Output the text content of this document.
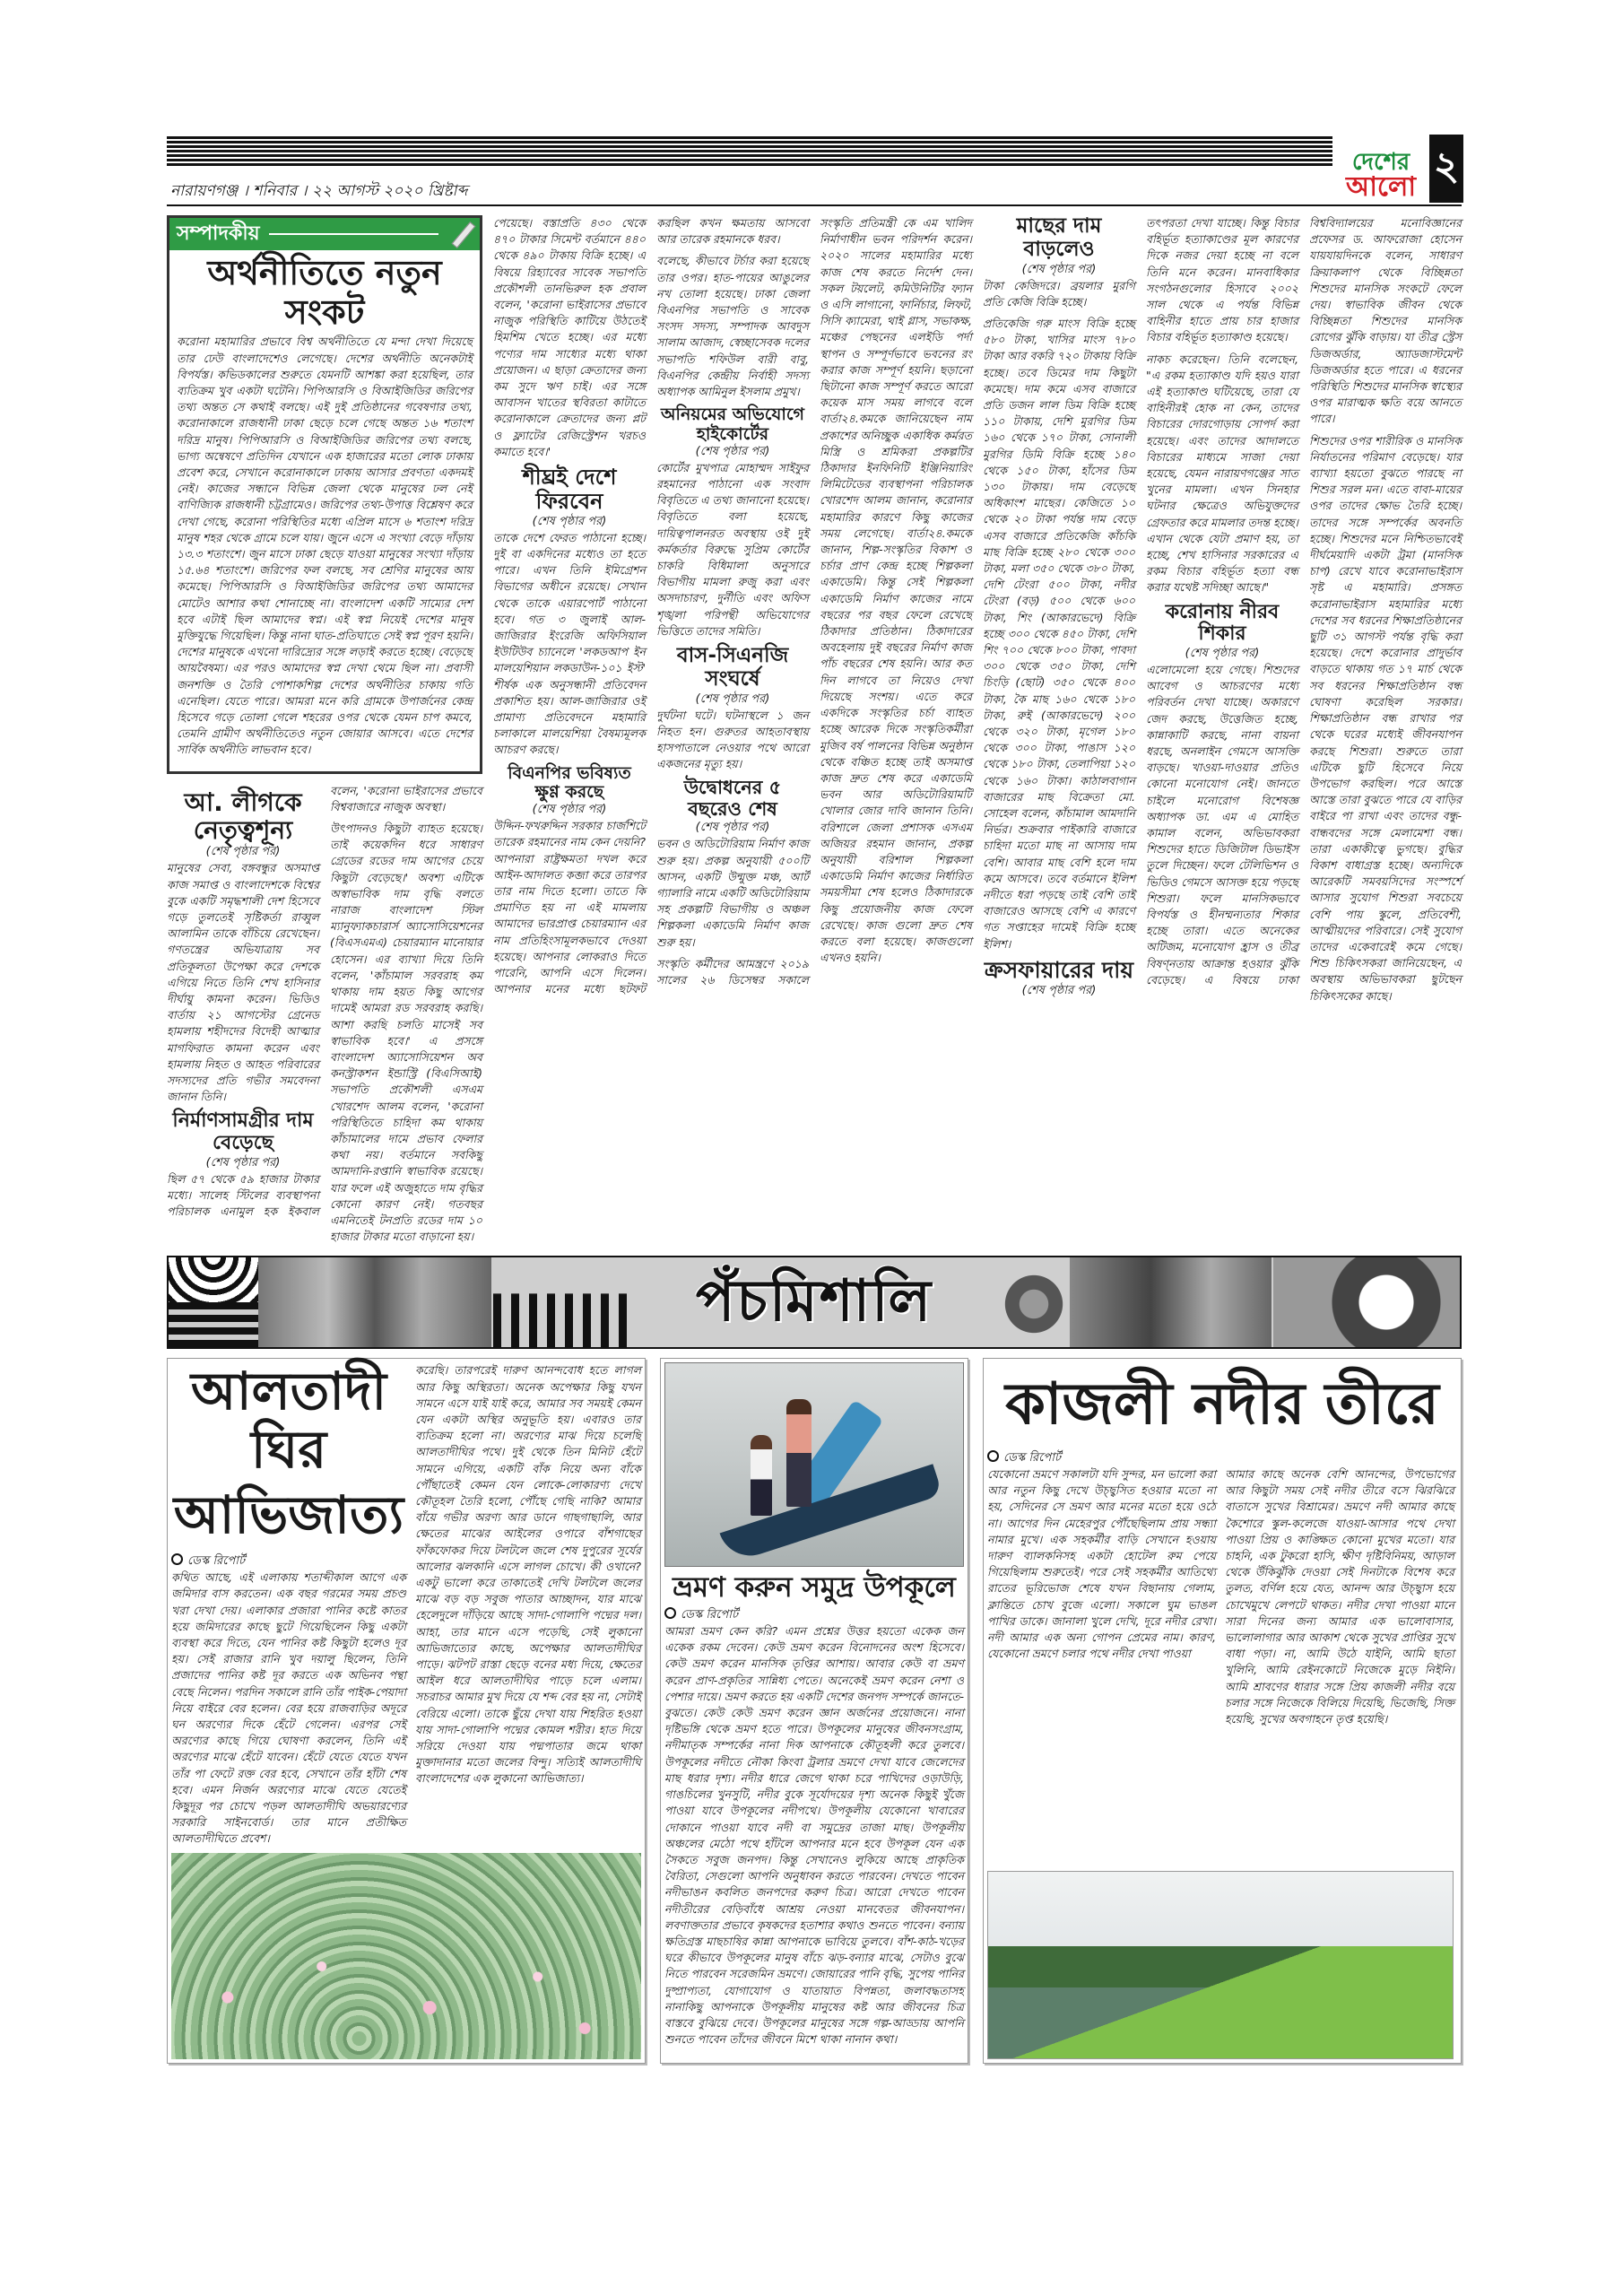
নারায়ণগঞ্জ । শনিবার । ২২ আগস্ট ২০২০ খ্রিষ্টাব্দ
দেশের
আলো ২
সম্পাদকীয়
অর্থনীতিতে নতুন সংকট

করোনা মহামারির প্রভাবে বিশ্ব অর্থনীতিতে যে মন্দা দেখা দিয়েছে তার ঢেউ বাংলাদেশেও লেগেছে। দেশের অর্থনীতি অনেকটাই বিপর্যস্ত। কভিডকালের শুরুতে যেমনটি আশঙ্কা করা হয়েছিল, তার ব্যতিক্রম খুব একটা ঘটেনি। পিপিআরসি ও বিআইজিডির জরিপের তথ্য অন্তত সে কথাই বলছে। এই দুই প্রতিষ্ঠানের গবেষণার তথ্য, করোনাকালে রাজধানী ঢাকা ছেড়ে চলে গেছে অন্তত ১৬ শতাংশ দরিদ্র মানুষ। পিপিআরসি ও বিআইজিডির জরিপের তথ্য বলছে, ভাগ্য অন্বেষণে প্রতিদিন যেখানে এক হাজারের মতো লোক ঢাকায় প্রবেশ করে, সেখানে করোনাকালে ঢাকায় আসার প্রবণতা একদমই নেই। কাজের সন্ধানে বিভিন্ন জেলা থেকে মানুষের ঢল নেই বাণিজ্যিক রাজধানী চট্টগ্রামেও। জরিপের তথ্য-উপাত্ত বিশ্লেষণ করে দেখা গেছে, করোনা পরিস্থিতির মধ্যে এপ্রিল মাসে ৬ শতাংশ দরিদ্র মানুষ শহর থেকে গ্রামে চলে যায়। জুনে এসে এ সংখ্যা বেড়ে দাঁড়ায় ১৩.৩ শতাংশে। জুন মাসে ঢাকা ছেড়ে যাওয়া মানুষের সংখ্যা দাঁড়ায় ১৫.৬৪ শতাংশে। জরিপের ফল বলছে, সব শ্রেণির মানুষের আয় কমেছে। পিপিআরসি ও বিআইজিডির জরিপের তথ্য আমাদের মোটেও আশার কথা শোনাচ্ছে না। বাংলাদেশ একটি সাম্যের দেশ হবে এটাই ছিল আমাদের স্বপ্ন। এই স্বপ্ন নিয়েই দেশের মানুষ মুক্তিযুদ্ধে গিয়েছিল। কিন্তু নানা ঘাত-প্রতিঘাতে সেই স্বপ্ন পূরণ হয়নি। দেশের মানুষকে এখনো দারিদ্র্যের সঙ্গে লড়াই করতে হচ্ছে। বেড়েছে আয়বৈষম্য। এর পরও আমাদের স্বপ্ন দেখা থেমে ছিল না। প্রবাসী জনশক্তি ও তৈরি পোশাকশিল্প দেশের অর্থনীতির চাকায় গতি এনেছিল। যেতে পারে। আমরা মনে করি গ্রামকে উপার্জনের কেন্দ্র হিসেবে গড়ে তোলা গেলে শহরের ওপর থেকে যেমন চাপ কমবে, তেমনি গ্রামীণ অর্থনীতিতেও নতুন জোয়ার আসবে। এতে দেশের সার্বিক অর্থনীতি লাভবান হবে।

আ. লীগকে নেতৃত্বশূন্য
(শেষ পৃষ্ঠার পর)

মানুষের সেবা, বঙ্গবন্ধুর অসমাপ্ত কাজ সমাপ্ত ও বাংলাদেশকে বিশ্বের বুকে একটি সমৃদ্ধশালী দেশ হিসেবে গড়ে তুলতেই সৃষ্টিকর্তা রাব্বুল আলামিন তাকে বাঁচিয়ে রেখেছেন। গণতন্ত্রের অভিযাত্রায় সব প্রতিকূলতা উপেক্ষা করে দেশকে এগিয়ে নিতে তিনি শেখ হাসিনার দীর্ঘায়ু কামনা করেন। ভিডিও বার্তায় ২১ আগস্টের গ্রেনেড হামলায় শহীদদের বিদেহী আত্মার মাগফিরাত কামনা করেন এবং হামলায় নিহত ও আহত পরিবারের সদস্যদের প্রতি গভীর সমবেদনা জানান তিনি।

নির্মাণসামগ্রীর দাম বেড়েছে
(শেষ পৃষ্ঠার পর)

ছিল ৫৭ থেকে ৫৯ হাজার টাকার মধ্যে। সালেহ স্টিলের ব্যবস্থাপনা পরিচালক এনামুল হক ইকবাল বলেন, 'করোনা ভাইরাসের প্রভাবে বিশ্ববাজারে নাজুক অবস্থা।

উৎপাদনও কিছুটা ব্যাহত হয়েছে। তাই কয়েকদিন ধরে সাধারণ গ্রেডের রডের দাম আগের চেয়ে কিছুটা বেড়েছে।' অবশ্য এটিকে অস্বাভাবিক দাম বৃদ্ধি বলতে নারাজ বাংলাদেশ স্টিল ম্যানুফ্যাকচারার্স অ্যাসোসিয়েশনের (বিএসএমএ) চেয়ারম্যান মানোয়ার হোসেন। এর ব্যাখ্যা দিয়ে তিনি বলেন, 'কাঁচামাল সরবরাহ কম থাকায় দাম হয়ত কিছু আগের দামেই আমরা রড সরবরাহ করছি। আশা করছি চলতি মাসেই সব স্বাভাবিক হবে।' এ প্রসঙ্গে বাংলাদেশ অ্যাসোসিয়েশন অব কনস্ট্রাকশন ইন্ডাস্ট্রি (বিএসিআই) সভাপতি প্রকৌশলী এসএম খোরশেদ আলম বলেন, 'করোনা পরিস্থিতিতে চাহিদা কম থাকায় কাঁচামালের দামে প্রভাব ফেলার কথা নয়। বর্তমানে সবকিছু আমদানি-রপ্তানি স্বাভাবিক রয়েছে। যার ফলে এই অজুহাতে দাম বৃদ্ধির কোনো কারণ নেই। গতবছর এমনিতেই টনপ্রতি রডের দাম ১০ হাজার টাকার মতো বাড়ানো হয়।

পেয়েছে। বস্তাপ্রতি ৪৩০ থেকে ৪৭০ টাকার সিমেন্ট বর্তমানে ৪৪০ থেকে ৪৯০ টাকায় বিক্রি হচ্ছে। এ বিষয়ে রিহ্যাবের সাবেক সভাপতি প্রকৌশলী তানভিরুল হক প্রবাল বলেন, 'করোনা ভাইরাসের প্রভাবে নাজুক পরিস্থিতি কাটিয়ে উঠতেই হিমশিম খেতে হচ্ছে। এর মধ্যে পণ্যের দাম সাধ্যের মধ্যে থাকা প্রয়োজন। এ ছাড়া ক্রেতাদের জন্য কম সুদে ঋণ চাই। এর সঙ্গে আবাসন খাতের স্থবিরতা কাটাতে করোনাকালে ক্রেতাদের জন্য প্লট ও ফ্ল্যাটের রেজিস্ট্রেশন খরচও কমাতে হবে।'

শীঘ্রই দেশে ফিরবেন
(শেষ পৃষ্ঠার পর)

তাকে দেশে ফেরত পাঠানো হচ্ছে। দুই বা একদিনের মধ্যেও তা হতে পারে। এখন তিনি ইমিগ্রেশন বিভাগের অধীনে রয়েছে। সেখান থেকে তাকে এয়ারপোর্ট পাঠানো হবে। গত ৩ জুলাই আল-জাজিরার ইংরেজি অফিসিয়াল ইউটিউব চ্যানেলে 'লকডআপ ইন মালয়েশিয়ান লকডাউন-১০১ ইস্ট' শীর্ষক এক অনুসন্ধানী প্রতিবেদন প্রকাশিত হয়। আল-জাজিরার ওই প্রামাণ্য প্রতিবেদনে মহামারি চলাকালে মালয়েশিয়া বৈষম্যমূলক আচরণ করছে।

বিএনপির ভবিষ্যত ক্ষুণ্ণ করছে
(শেষ পৃষ্ঠার পর)

উদ্দিন-ফখরুদ্দিন সরকার চার্জশিটে তারেক রহমানের নাম কেন দেয়নি? আপনারা রাষ্ট্রক্ষমতা দখল করে আইন-আদালত কব্জা করে তারপর তার নাম দিতে হলো। তাতে কি প্রমাণিত হয় না এই মামলায় আমাদের ভারপ্রাপ্ত চেয়ারম্যান এর নাম প্রতিহিংসামূলকভাবে দেওয়া হয়েছে। আপনার লোকরাও দিতে পারেনি, আপনি এসে দিলেন। আপনার মনের মধ্যে ছটফট করছিল কখন ক্ষমতায় আসবো আর তারেক রহমানকে ধরব।

বলেছে, কীভাবে টর্চার করা হয়েছে তার ওপর। হাত-পায়ের আঙুলের নখ তোলা হয়েছে। ঢাকা জেলা বিএনপির সভাপতি ও সাবেক সংসদ সদস্য, সম্পাদক আবদুস সালাম আজাদ, স্বেচ্ছাসেবক দলের সভাপতি শফিউল বারী বাবু, বিএনপির কেন্দ্রীয় নির্বাহী সদস্য অধ্যাপক আমিনুল ইসলাম প্রমুখ।

অনিয়মের অভিযোগে হাইকোর্টের
(শেষ পৃষ্ঠার পর)

কোর্টের মুখপাত্র মোহাম্মদ সাইফুর রহমানের পাঠানো এক সংবাদ বিবৃতিতে এ তথ্য জানানো হয়েছে। বিবৃতিতে বলা হয়েছে, দায়িত্বপালনরত অবস্থায় ওই দুই কর্মকর্তার বিরুদ্ধে সুপ্রিম কোর্টের চাকরি বিধিমালা অনুসারে বিভাগীয় মামলা রুজু করা এবং অসদাচারণ, দুর্নীতি এবং অফিস শৃঙ্খলা পরিপন্থী অভিযোগের ভিত্তিতে তাদের সমিতি।

বাস-সিএনজি সংঘর্ষে
(শেষ পৃষ্ঠার পর)

দুর্ঘটনা ঘটে। ঘটনাস্থলে ১ জন নিহত হন। গুরুতর আহতাবস্থায় হাসপাতালে নেওয়ার পথে আরো একজনের মৃত্যু হয়।

উদ্বোধনের ৫ বছরেও শেষ
(শেষ পৃষ্ঠার পর)

ভবন ও অডিটোরিয়াম নির্মাণ কাজ শুরু হয়। প্রকল্প অনুযায়ী ৫০০টি আসন, একটি উন্মুক্ত মঞ্চ, আর্ট গ্যালারি নামে একটি অডিটোরিয়াম সহ প্রকল্পটি বিভাগীয় ও অঞ্চল শিল্পকলা একাডেমি নির্মাণ কাজ শুরু হয়।

সংস্কৃতি কর্মীদের আমন্ত্রণে ২০১৯ সালের ২৬ ডিসেম্বর সকালে সংস্কৃতি প্রতিমন্ত্রী কে এম খালিদ নির্মাণাধীন ভবন পরিদর্শন করেন। ২০২০ সালের মহামারির মধ্যে কাজ শেষ করতে নির্দেশ দেন। সকল টয়লেট, কমিউনিটির ফ্যান ও এসি লাগানো, ফার্নিচার, লিফট, সিসি ক্যামেরা, থাই গ্লাস, সভাকক্ষ, মঞ্চের পেছনের এলইডি পর্দা স্থাপন ও সম্পূর্ণভাবে ভবনের রং করার কাজ সম্পূর্ণ হয়নি। ছড়ানো ছিটানো কাজ সম্পূর্ণ করতে আরো কয়েক মাস সময় লাগবে বলে বার্তা২৪.কমকে জানিয়েছেন নাম প্রকাশের অনিচ্ছুক একাধিক কর্মরত মিস্ত্রি ও শ্রমিকরা প্রকল্পটির ঠিকাদার ইনফিনিটি ইঞ্জিনিয়ারিং লিমিটেডের ব্যবস্থাপনা পরিচালক খোরশেদ আলম জানান, করোনার মহামারির কারণে কিছু কাজের সময় লেগেছে। বার্তা২৪.কমকে জানান, শিল্প-সংস্কৃতির বিকাশ ও চর্চার প্রাণ কেন্দ্র হচ্ছে শিল্পকলা একাডেমি। কিন্তু সেই শিল্পকলা একাডেমি নির্মাণ কাজের নামে বছরের পর বছর ফেলে রেখেছে ঠিকাদার প্রতিষ্ঠান। ঠিকাদারের অবহেলায় দুই বছরের নির্মাণ কাজ পাঁচ বছরের শেষ হয়নি। আর কত দিন লাগবে তা নিয়েও দেখা দিয়েছে সংশয়। এতে করে একদিকে সংস্কৃতির চর্চা ব্যাহত হচ্ছে আরেক দিকে সংস্কৃতিকর্মীরা মুজিব বর্ষ পালনের বিভিন্ন অনুষ্ঠান থেকে বঞ্চিত হচ্ছে তাই অসমাপ্ত কাজ দ্রুত শেষ করে একাডেমি ভবন আর অডিটোরিয়ামটি খোলার জোর দাবি জানান তিনি। বরিশালে জেলা প্রশাসক এসএম অজিয়র রহমান জানান, প্রকল্প অনুযায়ী বরিশাল শিল্পকলা একাডেমি নির্মাণ কাজের নির্ধারিত সময়সীমা শেষ হলেও ঠিকাদারকে কিছু প্রয়োজনীয় কাজ ফেলে রেখেছে। কাজ গুলো দ্রুত শেষ করতে বলা হয়েছে। কাজগুলো এখনও হয়নি।

মাছের দাম বাড়লেও
(শেষ পৃষ্ঠার পর)

টাকা কেজিদরে। ব্রয়লার মুরগি প্রতি কেজি বিক্রি হচ্ছে।

প্রতিকেজি গরু মাংস বিক্রি হচ্ছে ৫৮০ টাকা, খাসির মাংস ৭৮০ টাকা আর বকরি ৭২০ টাকায় বিক্রি হচ্ছে। তবে ডিমের দাম কিছুটা কমেছে। দাম কমে এসব বাজারে প্রতি ডজন লাল ডিম বিক্রি হচ্ছে ১১০ টাকায়, দেশি মুরগির ডিম ১৬০ থেকে ১৭০ টাকা, সোনালী মুরগির ডিমি বিক্রি হচ্ছে ১৪০ থেকে ১৫০ টাকা, হাঁসের ডিম ১৩০ টাকায়। দাম বেড়েছে অধিকাংশ মাছের। কেজিতে ১০ থেকে ২০ টাকা পর্যন্ত দাম বেড়ে এসব বাজারে প্রতিকেজি কাঁচকি মাছ বিক্রি হচ্ছে ২৮০ থেকে ৩০০ টাকা, মলা ৩৫০ থেকে ৩৮০ টাকা, দেশি টেংরা ৫০০ টাকা, নদীর টেংরা (বড়) ৫০০ থেকে ৬০০ টাকা, শিং (আকারভেদে) বিক্রি হচ্ছে ৩০০ থেকে ৪৫০ টাকা, দেশি শিং ৭০০ থেকে ৮০০ টাকা, পাবদা ৩০০ থেকে ৩৫০ টাকা, দেশি চিংড়ি (ছোট) ৩৫০ থেকে ৪০০ টাকা, কৈ মাছ ১৬০ থেকে ১৮০ টাকা, রুই (আকারভেদে) ২০০ থেকে ৩২০ টাকা, মৃগেল ১৮০ থেকে ৩০০ টাকা, পাঙাস ১২০ থেকে ১৮০ টাকা, তেলাপিয়া ১২০ থেকে ১৬০ টাকা। কাঠালবাগান বাজারের মাছ বিক্রেতা মো. সোহেল বলেন, কাঁচামাল আমদানি নির্ভর। শুক্রবার পাইকারি বাজারে চাহিদা মতো মাছ না আসায় দাম বেশি। আবার মাছ বেশি হলে দাম কমে আসবে। তবে বর্তমানে ইলিশ নদীতে ধরা পড়ছে তাই বেশি তাই বাজারেও আসছে বেশি এ কারণে গত সপ্তাহের দামেই বিক্রি হচ্ছে ইলিশ।

ক্রসফায়ারের দায়
(শেষ পৃষ্ঠার পর)

তৎপরতা দেখা যাচ্ছে। কিন্তু বিচার বহির্ভূত হত্যাকাণ্ডের মূল কারণের দিকে নজর দেয়া হচ্ছে না বলে তিনি মনে করেন। মানবাধিকার সংগঠনগুলোর হিসাবে ২০০২ সাল থেকে এ পর্যন্ত বিভিন্ন বাহিনীর হাতে প্রায় চার হাজার বিচার বহির্ভূত হত্যাকাণ্ড হয়েছে।

নাকচ করেছেন। তিনি বলেছেন, "এ রকম হত্যাকাণ্ড যদি হয়ও যারা এই হত্যাকাণ্ড ঘটিয়েছে, তারা যে বাহিনীরই হোক না কেন, তাদের বিচারের দোরগোড়ায় সোপর্দ করা হয়েছে। এবং তাদের আদালতে বিচারের মাধ্যমে সাজা দেয়া হয়েছে, যেমন নারায়ণগঞ্জের সাত খুনের মামলা। এখন সিনহার ঘটনার ক্ষেত্রেও অভিযুক্তদের গ্রেফতার করে মামলার তদন্ত হচ্ছে। এখান থেকে যেটা প্রমাণ হয়, তা হচ্ছে, শেখ হাসিনার সরকারের এ রকম বিচার বহির্ভূত হত্যা বন্ধ করার যথেষ্ট সদিচ্ছা আছে।"

করোনায় নীরব শিকার
(শেষ পৃষ্ঠার পর)

এলোমেলো হয়ে গেছে। শিশুদের আবেগ ও আচরণের মধ্যে পরিবর্তন দেখা যাচ্ছে। অকারণে জেদ করছে, উত্তেজিত হচ্ছে, কান্নাকাটি করছে, নানা বায়না ধরছে, অনলাইন গেমসে আসক্তি বাড়ছে। খাওয়া-দাওয়ার প্রতিও কোনো মনোযোগ নেই। জানতে চাইলে মনোরোগ বিশেষজ্ঞ অধ্যাপক ডা. এম এ মোহিত কামাল বলেন, অভিভাবকরা শিশুদের হাতে ডিজিটাল ডিভাইস তুলে দিচ্ছেন। ফলে টেলিভিশন ও ভিডিও গেমসে আসক্ত হয়ে পড়ছে শিশুরা। ফলে মানসিকভাবে বিপর্যস্ত ও হীনম্মন্যতার শিকার হচ্ছে তারা। এতে অনেকের অটিজম, মনোযোগ হ্রাস ও তীব্র বিষণ্নতায় আক্রান্ত হওয়ার ঝুঁকি বেড়েছে। এ বিষয়ে ঢাকা বিশ্ববিদ্যালয়ের মনোবিজ্ঞানের প্রফেসর ড. আফরোজা হোসেন যায়যায়দিনকে বলেন, সাধারণ ক্রিয়াকলাপ থেকে বিচ্ছিন্নতা শিশুদের মানসিক সংকটে ফেলে দেয়। স্বাভাবিক জীবন থেকে বিচ্ছিন্নতা শিশুদের মানসিক রোগের ঝুঁকি বাড়ায়। যা তীব্র স্ট্রেস ডিজঅর্ডার, অ্যাডজাস্টমেন্ট ডিজঅর্ডার হতে পারে। এ ধরনের পরিস্থিতি শিশুদের মানসিক স্বাস্থ্যের ওপর মারাত্মক ক্ষতি বয়ে আনতে পারে।

শিশুদের ওপর শারীরিক ও মানসিক নির্যাতনের পরিমাণ বেড়েছে। যার ব্যাখ্যা হয়তো বুঝতে পারছে না শিশুর সরল মন। এতে বাবা-মায়ের ওপর তাদের ক্ষোভ তৈরি হচ্ছে। তাদের সঙ্গে সম্পর্কের অবনতি হচ্ছে। শিশুদের মনে নিশ্চিতভাবেই দীর্ঘমেয়াদি একটা ট্রমা (মানসিক চাপ) রেখে যাবে করোনাভাইরাস সৃষ্ট এ মহামারি। প্রসঙ্গত করোনাভাইরাস মহামারির মধ্যে দেশের সব ধরনের শিক্ষাপ্রতিষ্ঠানের ছুটি ৩১ আগস্ট পর্যন্ত বৃদ্ধি করা হয়েছে। দেশে করোনার প্রাদুর্ভাব বাড়তে থাকায় গত ১৭ মার্চ থেকে সব ধরনের শিক্ষাপ্রতিষ্ঠান বন্ধ ঘোষণা করেছিল সরকার। শিক্ষাপ্রতিষ্ঠান বন্ধ রাখার পর থেকে ঘরের মধ্যেই জীবনযাপন করছে শিশুরা। শুরুতে তারা এটিকে ছুটি হিসেবে নিয়ে উপভোগ করছিল। পরে আস্তে আস্তে তারা বুঝতে পারে যে বাড়ির বাইরে পা রাখা এবং তাদের বন্ধু-বান্ধবদের সঙ্গে মেলামেশা বন্ধ। তারা একাকীত্বে ভুগছে। বুদ্ধির বিকাশ বাধাগ্রস্ত হচ্ছে। অন্যদিকে আরেকটি সমবয়সিদের সংস্পর্শে আসার সুযোগ শিশুরা সবচেয়ে বেশি পায় স্কুলে, প্রতিবেশী, আত্মীয়দের পরিবারে। সেই সুযোগ তাদের একেবারেই কমে গেছে। শিশু চিকিৎসকরা জানিয়েছেন, এ অবস্থায় অভিভাবকরা ছুটছেন চিকিৎসকের কাছে।

পঁচমিশালি
আলতাদীঘির
আভিজাত্য
ডেস্ক রিপোর্ট

কথিত আছে, এই এলাকায় শতাব্দীকাল আগে এক জমিদার বাস করতেন। এক বছর গরমের সময় প্রচণ্ড খরা দেখা দেয়। এলাকার প্রজারা পানির কষ্টে কাতর হয়ে জমিদারের কাছে ছুটে গিয়েছিলেন কিছু একটা ব্যবস্থা করে দিতে, যেন পানির কষ্ট কিছুটা হলেও দূর হয়। সেই রাজার রানি খুব দয়ালু ছিলেন, তিনি প্রজাদের পানির কষ্ট দূর করতে এক অভিনব পন্থা বেছে নিলেন। পরদিন সকালে রানি তাঁর পাইক-পেয়াদা নিয়ে বাইরে বের হলেন। বের হয়ে রাজবাড়ির অদূরে ঘন অরণ্যের দিকে হেঁটে গেলেন। এরপর সেই অরণ্যের কাছে গিয়ে ঘোষণা করলেন, তিনি এই অরণ্যের মাঝে হেঁটে যাবেন। হেঁটে যেতে যেতে যখন তাঁর পা ফেটে রক্ত বের হবে, সেখানে তাঁর হাঁটা শেষ হবে। এমন নির্জন অরণ্যের মাঝে যেতে যেতেই কিছুদূর পর চোখে পড়ল আলতাদীঘি অভয়ারণ্যের সরকারি সাইনবোর্ড। তার মানে প্রতীক্ষিত আলতাদীঘিতে প্রবেশ।

করেছি। তারপরেই দারুণ আনন্দবোধ হতে লাগল আর কিছু অস্থিরতা। অনেক অপেক্ষার কিছু যখন সামনে এসে যাই যাই করে, আমার সব সময়ই কেমন যেন একটা অস্থির অনুভূতি হয়। এবারও তার ব্যতিক্রম হলো না। অরণ্যের মাঝ দিয়ে চলেছি আলতাদীঘির পথে। দুই থেকে তিন মিনিট হেঁটে সামনে এগিয়ে, একটি বাঁক নিয়ে অন্য বাঁকে পৌঁছাতেই কেমন যেন লোকে-লোকারণ্য দেখে কৌতূহল তৈরি হলো, পৌঁছে গেছি নাকি? আমার বাঁয়ে গভীর অরণ্য আর ডানে গাছগাছালি, আর ক্ষেতের মাঝের আইলের ওপারে বাঁশগাছের ফাঁকফোকর দিয়ে টলটলে জলে শেষ দুপুরের সূর্যের আলোর ঝলকানি এসে লাগল চোখে। কী ওখানে? একটু ভালো করে তাকাতেই দেখি টলটলে জলের মাঝে বড় বড় সবুজ পাতার আচ্ছাদন, যার মাঝে হেলেদুলে দাঁড়িয়ে আছে সাদা-গোলাপি পদ্মের দল। আহা, তার মানে এসে পড়েছি, সেই লুকানো আভিজাত্যের কাছে, অপেক্ষার আলতাদীঘির পাড়ে। ঝটপট রাস্তা ছেড়ে বনের মধ্য দিয়ে, ক্ষেতের আইল ধরে আলতাদীঘির পাড়ে চলে এলাম। সচরাচর আমার মুখ দিয়ে যে শব্দ বের হয় না, সেটাই বেরিয়ে এলো। তাকে ছুঁয়ে দেখা যায় শিহরিত হওয়া যায় সাদা-গোলাপি পদ্মের কোমল শরীর। হাত দিয়ে সরিয়ে দেওয়া যায় পদ্মপাতার জমে থাকা মুক্তাদানার মতো জলের বিন্দু। সত্যিই আলতাদীঘি বাংলাদেশের এক লুকানো আভিজাত্য।

ভ্রমণ করুন সমুদ্র উপকূলে
ডেস্ক রিপোর্ট

আমরা ভ্রমণ কেন করি? এমন প্রশ্নের উত্তর হয়তো একেক জন একেক রকম দেবেন। কেউ ভ্রমণ করেন বিনোদনের অংশ হিসেবে। কেউ ভ্রমণ করেন মানসিক তৃপ্তির আশায়। আবার কেউ বা ভ্রমণ করেন প্রাণ-প্রকৃতির সান্নিধ্য পেতে। অনেকেই ভ্রমণ করেন নেশা ও পেশার দায়ে। ভ্রমণ করতে হয় একটি দেশের জনপদ সম্পর্কে জানতে-বুঝতে। কেউ কেউ ভ্রমণ করেন জ্ঞান অর্জনের প্রয়োজনে। নানা দৃষ্টিভঙ্গি থেকে ভ্রমণ হতে পারে। উপকূলের মানুষের জীবনসংগ্রাম, নদীমাতৃক সম্পর্কের নানা দিক আপনাকে কৌতূহলী করে তুলবে। উপকূলের নদীতে নৌকা কিংবা ট্রলার ভ্রমণে দেখা যাবে জেলেদের মাছ ধরার দৃশ্য। নদীর ধারে জেগে থাকা চরে পাখিদের ওড়াউড়ি, গাঙচিলের খুনসুটি, নদীর বুকে সূর্যোদয়ের দৃশ্য অনেক কিছুই খুঁজে পাওয়া যাবে উপকূলের নদীপথে। উপকূলীয় যেকোনো খাবারের দোকানে পাওয়া যাবে নদী বা সমুদ্রের তাজা মাছ। উপকূলীয় অঞ্চলের মেঠো পথে হাঁটলে আপনার মনে হবে উপকূল যেন এক সৈকতে সবুজ জনপদ। কিন্তু সেখানেও লুকিয়ে আছে প্রাকৃতিক বৈরিতা, সেগুলো আপনি অনুধাবন করতে পারবেন। দেখতে পাবেন নদীভাঙন কবলিত জনপদের করুণ চিত্র। আরো দেখতে পাবেন নদীতীরের বেড়িবাঁধে আশ্রয় নেওয়া মানবেতর জীবনযাপন। লবণাক্ততার প্রভাবে কৃষকদের হতাশার কথাও শুনতে পাবেন। বন্যায় ক্ষতিগ্রস্ত মাছচাষির কান্না আপনাকে ভাবিয়ে তুলবে। বাঁশ-কাঠ-খড়ের ঘরে কীভাবে উপকূলের মানুষ বাঁচে ঝড়-বন্যার মাঝে, সেটাও বুঝে নিতে পারবেন সরেজমিন ভ্রমণে। জোয়ারের পানি বৃদ্ধি, সুপেয় পানির দুষ্প্রাপ্যতা, যোগাযোগ ও যাতায়াত বিপন্নতা, জলাবদ্ধতাসহ নানাকিছু আপনাকে উপকূলীয় মানুষের কষ্ট আর জীবনের চিত্র বাস্তবে বুঝিয়ে দেবে। উপকূলের মানুষের সঙ্গে গল্প-আড্ডায় আপনি শুনতে পাবেন তাঁদের জীবনে মিশে থাকা নানান কথা।

কাজলী নদীর তীরে
ডেস্ক রিপোর্ট

যেকোনো ভ্রমণে সকালটা যদি সুন্দর, মন ভালো করা আর নতুন কিছু দেখে উচ্ছ্বসিত হওয়ার মতো না হয়, সেদিনের সে ভ্রমণ আর মনের মতো হয়ে ওঠে না। আগের দিন মেহেরপুর পৌঁছেছিলাম প্রায় সন্ধ্যা নামার মুখে। এক সহকর্মীর বাড়ি সেখানে হওয়ায় দারুণ ব্যালকনিসহ একটা হোটেল রুম পেয়ে গিয়েছিলাম শুরুতেই। পরে সেই সহকর্মীর আতিথ্যে রাতের ভূরিভোজ শেষে যখন বিছানায় গেলাম, ক্লান্তিতে চোখ বুজে এলো। সকালে ঘুম ভাঙল পাখির ডাকে। জানালা খুলে দেখি, দূরে নদীর রেখা। নদী আমার এক অন্য গোপন প্রেমের নাম। কারণ, যেকোনো ভ্রমণে চলার পথে নদীর দেখা পাওয়া

আমার কাছে অনেক বেশি আনন্দের, উপভোগের আর কিছুটা সময় সেই নদীর তীরে বসে ঝিরঝিরে বাতাসে সুখের বিশ্রামের। ভ্রমণে নদী আমার কাছে কৈশোরে স্কুল-কলেজে যাওয়া-আসার পথে দেখা পাওয়া প্রিয় ও কাঙ্ক্ষিত কোনো মুখের মতো। যার চাহনি, এক টুকরো হাসি, ক্ষীণ দৃষ্টিবিনিময়, আড়াল থেকে উঁকিঝুঁকি দেওয়া সেই দিনটাকে বিশেষ করে তুলত, বর্ণিল হয়ে যেত, আনন্দ আর উচ্ছ্বাস হয়ে চোখেমুখে লেপটে থাকত। নদীর দেখা পাওয়া মানে সারা দিনের জন্য আমার এক ভালোবাসার, ভালোলাগার আর আকাশ থেকে সুখের প্রাপ্তির সুখে বাধা পড়া। না, আমি উঠে যাইনি, আমি ছাতা খুলিনি, আমি রেইনকোটে নিজেকে মুড়ে নিইনি। আমি শ্রাবণের ধারার সঙ্গে প্রিয় কাজলী নদীর বয়ে চলার সঙ্গে নিজেকে বিলিয়ে দিয়েছি, ভিজেছি, সিক্ত হয়েছি, সুখের অবগাহনে তৃপ্ত হয়েছি।
